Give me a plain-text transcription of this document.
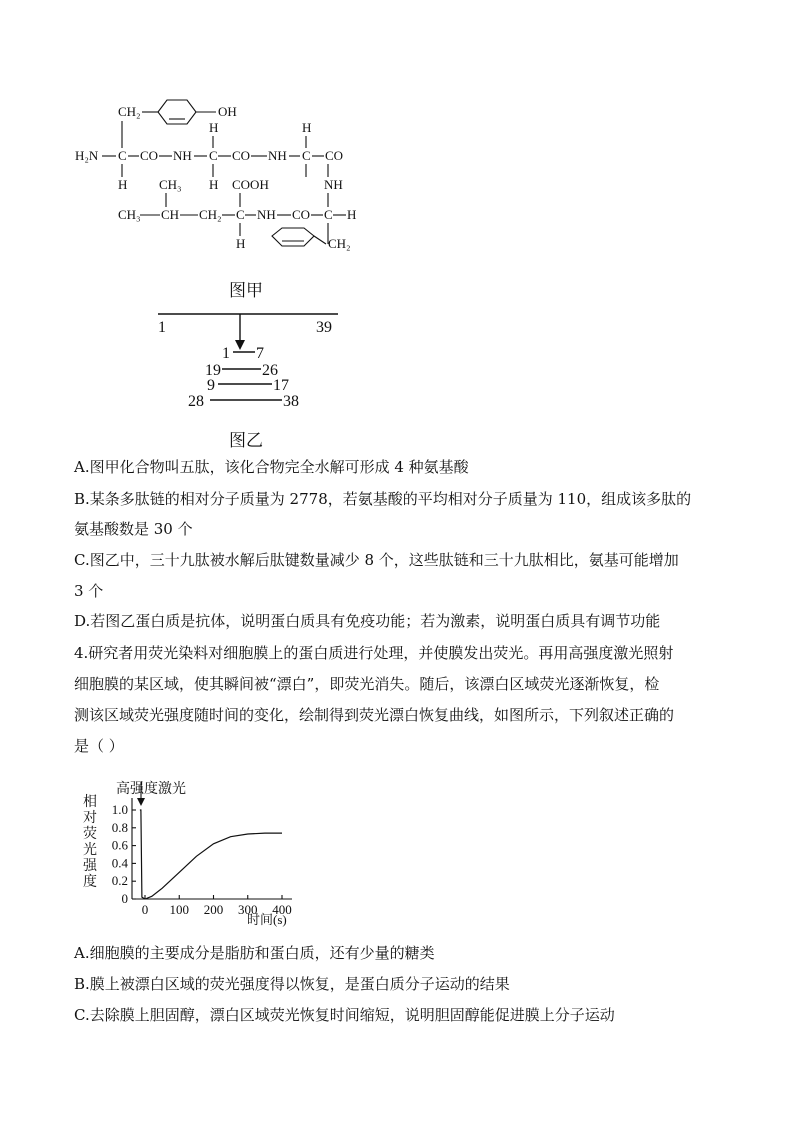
CH₂	OH
H₂N C CO NH C CO NH C CO
H
H
H
H
NH
CH₃	COOH
CH₃ CH CH₂ C NH CO C H
H	CH₂
图甲
1	39
1 7
19	26
9	17
28	38
图乙
A.图甲化合物叫五肽，该化合物完全水解可形成 4 种氨基酸
B.某条多肽链的相对分子质量为 2778，若氨基酸的平均相对分子质量为 110，组成该多肽的
氨基酸数是 30 个
C.图乙中，三十九肽被水解后肽键数量减少 8 个，这些肽链和三十九肽相比，氨基可能增加
3 个
D.若图乙蛋白质是抗体，说明蛋白质具有免疫功能；若为激素，说明蛋白质具有调节功能
4.研究者用荧光染料对细胞膜上的蛋白质进行处理，并使膜发出荧光。再用高强度激光照射
细胞膜的某区域，使其瞬间被“漂白”，即荧光消失。随后，该漂白区域荧光逐渐恢复，检
测该区域荧光强度随时间的变化，绘制得到荧光漂白恢复曲线，如图所示，下列叙述正确的
是（ ）
高强度激光
相对荧光强度
1.0
0.8
0.6
0.4
0.2
0
0 100 200 300 400
时间(s)
A.细胞膜的主要成分是脂肪和蛋白质，还有少量的糖类
B.膜上被漂白区域的荧光强度得以恢复，是蛋白质分子运动的结果
C.去除膜上胆固醇，漂白区域荧光恢复时间缩短，说明胆固醇能促进膜上分子运动
